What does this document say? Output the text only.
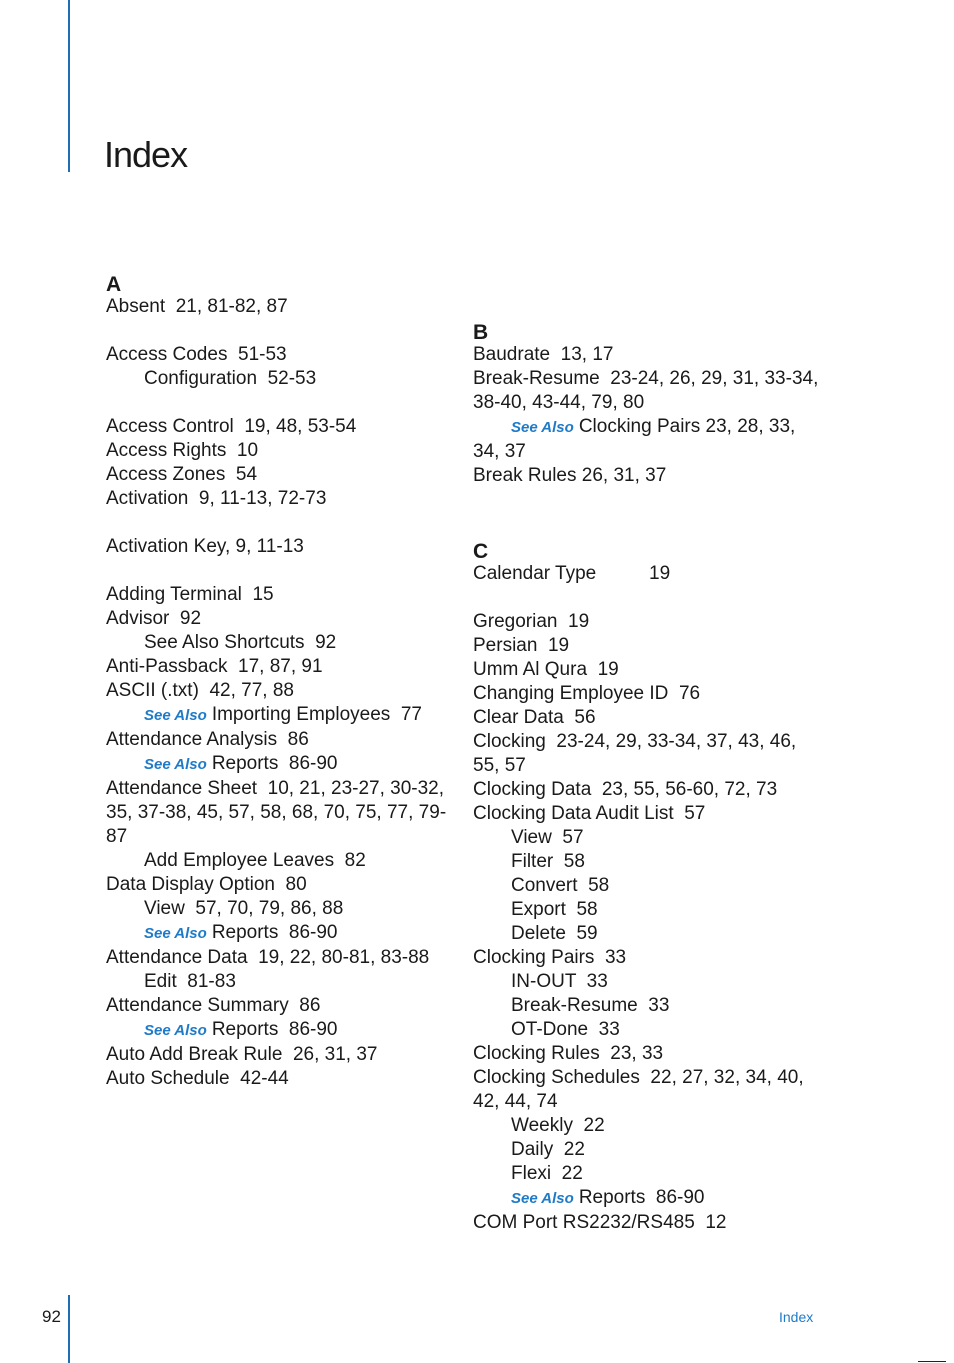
Index
A
Absent  21, 81-82, 87
Access Codes  51-53
Configuration  52-53
Access Control  19, 48, 53-54
Access Rights  10
Access Zones  54
Activation  9, 11-13, 72-73
Activation Key, 9, 11-13
Adding Terminal  15
Advisor  92
See Also Shortcuts  92
Anti-Passback  17, 87, 91
ASCII (.txt)  42, 77, 88
See Also Importing Employees  77
Attendance Analysis  86
See Also Reports  86-90
Attendance Sheet  10, 21, 23-27, 30-32, 35, 37-38, 45, 57, 58, 68, 70, 75, 77, 79-87
Add Employee Leaves  82
Data Display Option  80
View  57, 70, 79, 86, 88
See Also Reports  86-90
Attendance Data  19, 22, 80-81, 83-88
Edit  81-83
Attendance Summary  86
See Also Reports  86-90
Auto Add Break Rule  26, 31, 37
Auto Schedule  42-44
B
Baudrate  13, 17
Break-Resume  23-24, 26, 29, 31, 33-34, 38-40, 43-44, 79, 80
See Also Clocking Pairs 23, 28, 33, 34, 37
Break Rules 26, 31, 37
C
Calendar Type          19
Gregorian  19
Persian  19
Umm Al Qura  19
Changing Employee ID  76
Clear Data  56
Clocking  23-24, 29, 33-34, 37, 43, 46, 55, 57
Clocking Data  23, 55, 56-60, 72, 73
Clocking Data Audit List  57
View  57
Filter  58
Convert  58
Export  58
Delete  59
Clocking Pairs  33
IN-OUT  33
Break-Resume  33
OT-Done  33
Clocking Rules  23, 33
Clocking Schedules  22, 27, 32, 34, 40, 42, 44, 74
Weekly  22
Daily  22
Flexi  22
See Also Reports  86-90
COM Port RS2232/RS485  12
92	Index
